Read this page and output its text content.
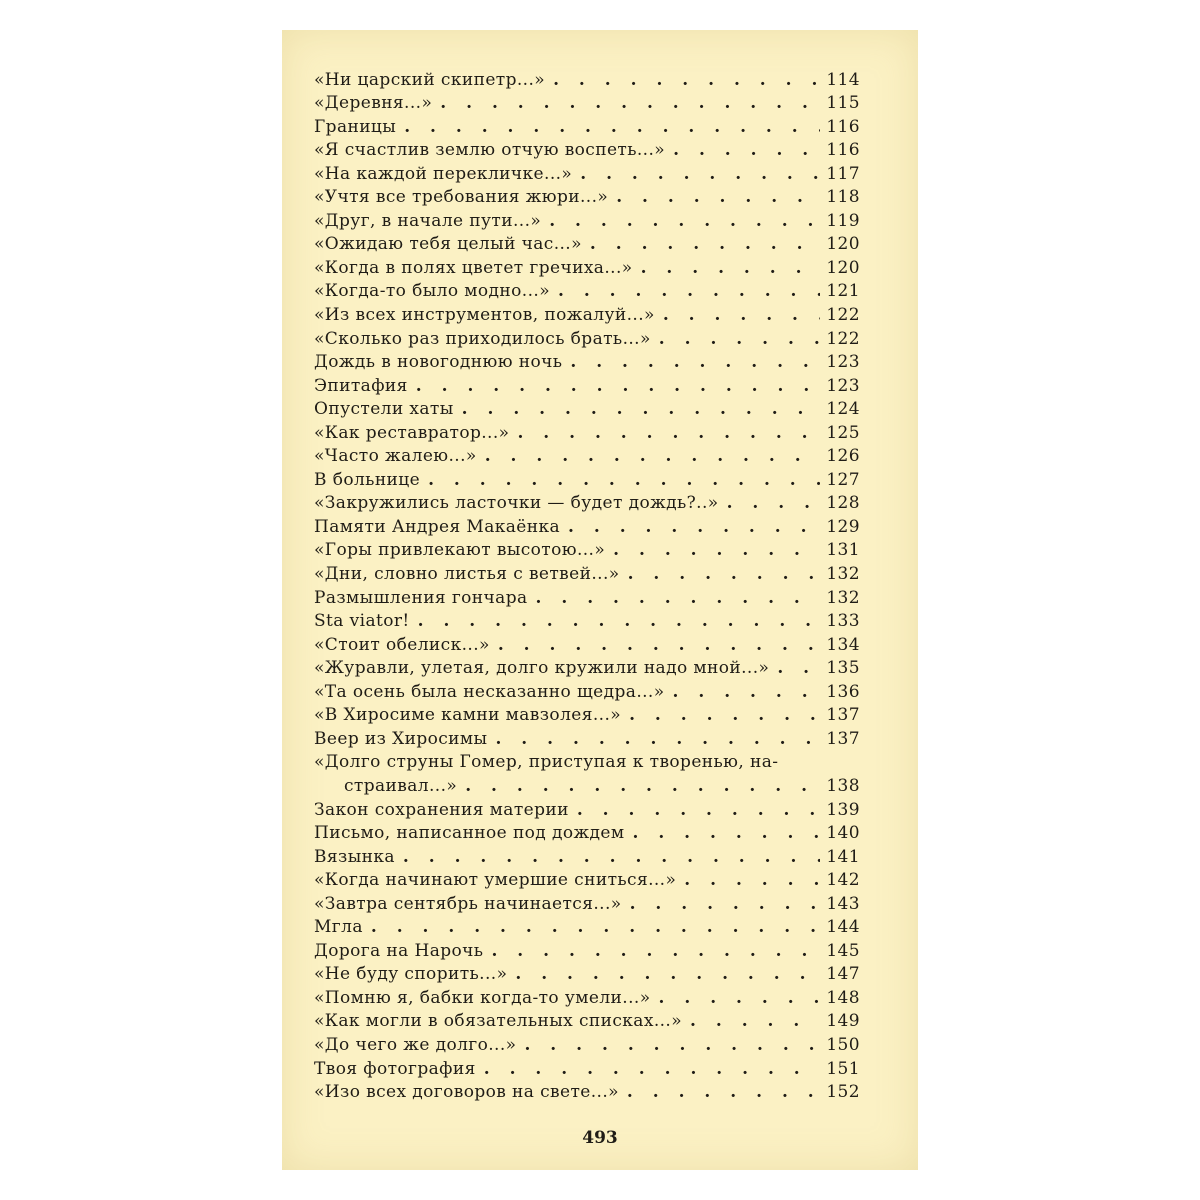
«Ни царский скипетр...» . . .	114
«Деревня...» . . .	115
Границы . . .	116
«Я счастлив землю отчую воспеть...» . . .	116
«На каждой перекличке...» . . .	117
«Учтя все требования жюри...» . . .	118
«Друг, в начале пути...» . . .	119
«Ожидаю тебя целый час...» . . .	120
«Когда в полях цветет гречиха...» . . .	120
«Когда-то было модно...» . . .	121
«Из всех инструментов, пожалуй...» . . .	122
«Сколько раз приходилось брать...» . . .	122
Дождь в новогоднюю ночь . . .	123
Эпитафия . . .	123
Опустели хаты . . .	124
«Как реставратор...» . . .	125
«Часто жалею...» . . .	126
В больнице . . .	127
«Закружились ласточки — будет дождь?..» . . .	128
Памяти Андрея Макаёнка . . .	129
«Горы привлекают высотою...» . . .	131
«Дни, словно листья с ветвей...» . . .	132
Размышления гончара . . .	132
Sta viator! . . .	133
«Стоит обелиск...» . . .	134
«Журавли, улетая, долго кружили надо мной...» . . .	135
«Та осень была несказанно щедра...» . . .	136
«В Хиросиме камни мавзолея...» . . .	137
Веер из Хиросимы . . .	137
«Долго струны Гомер, приступая к творенью, на-
страивал...» . . .	138
Закон сохранения материи . . .	139
Письмо, написанное под дождем . . .	140
Вязынка . . .	141
«Когда начинают умершие сниться...» . . .	142
«Завтра сентябрь начинается...» . . .	143
Мгла . . .	144
Дорога на Нарочь . . .	145
«Не буду спорить...» . . .	147
«Помню я, бабки когда-то умели...» . . .	148
«Как могли в обязательных списках...» . . .	149
«До чего же долго...» . . .	150
Твоя фотография . . .	151
«Изо всех договоров на свете...» . . .	152
493
